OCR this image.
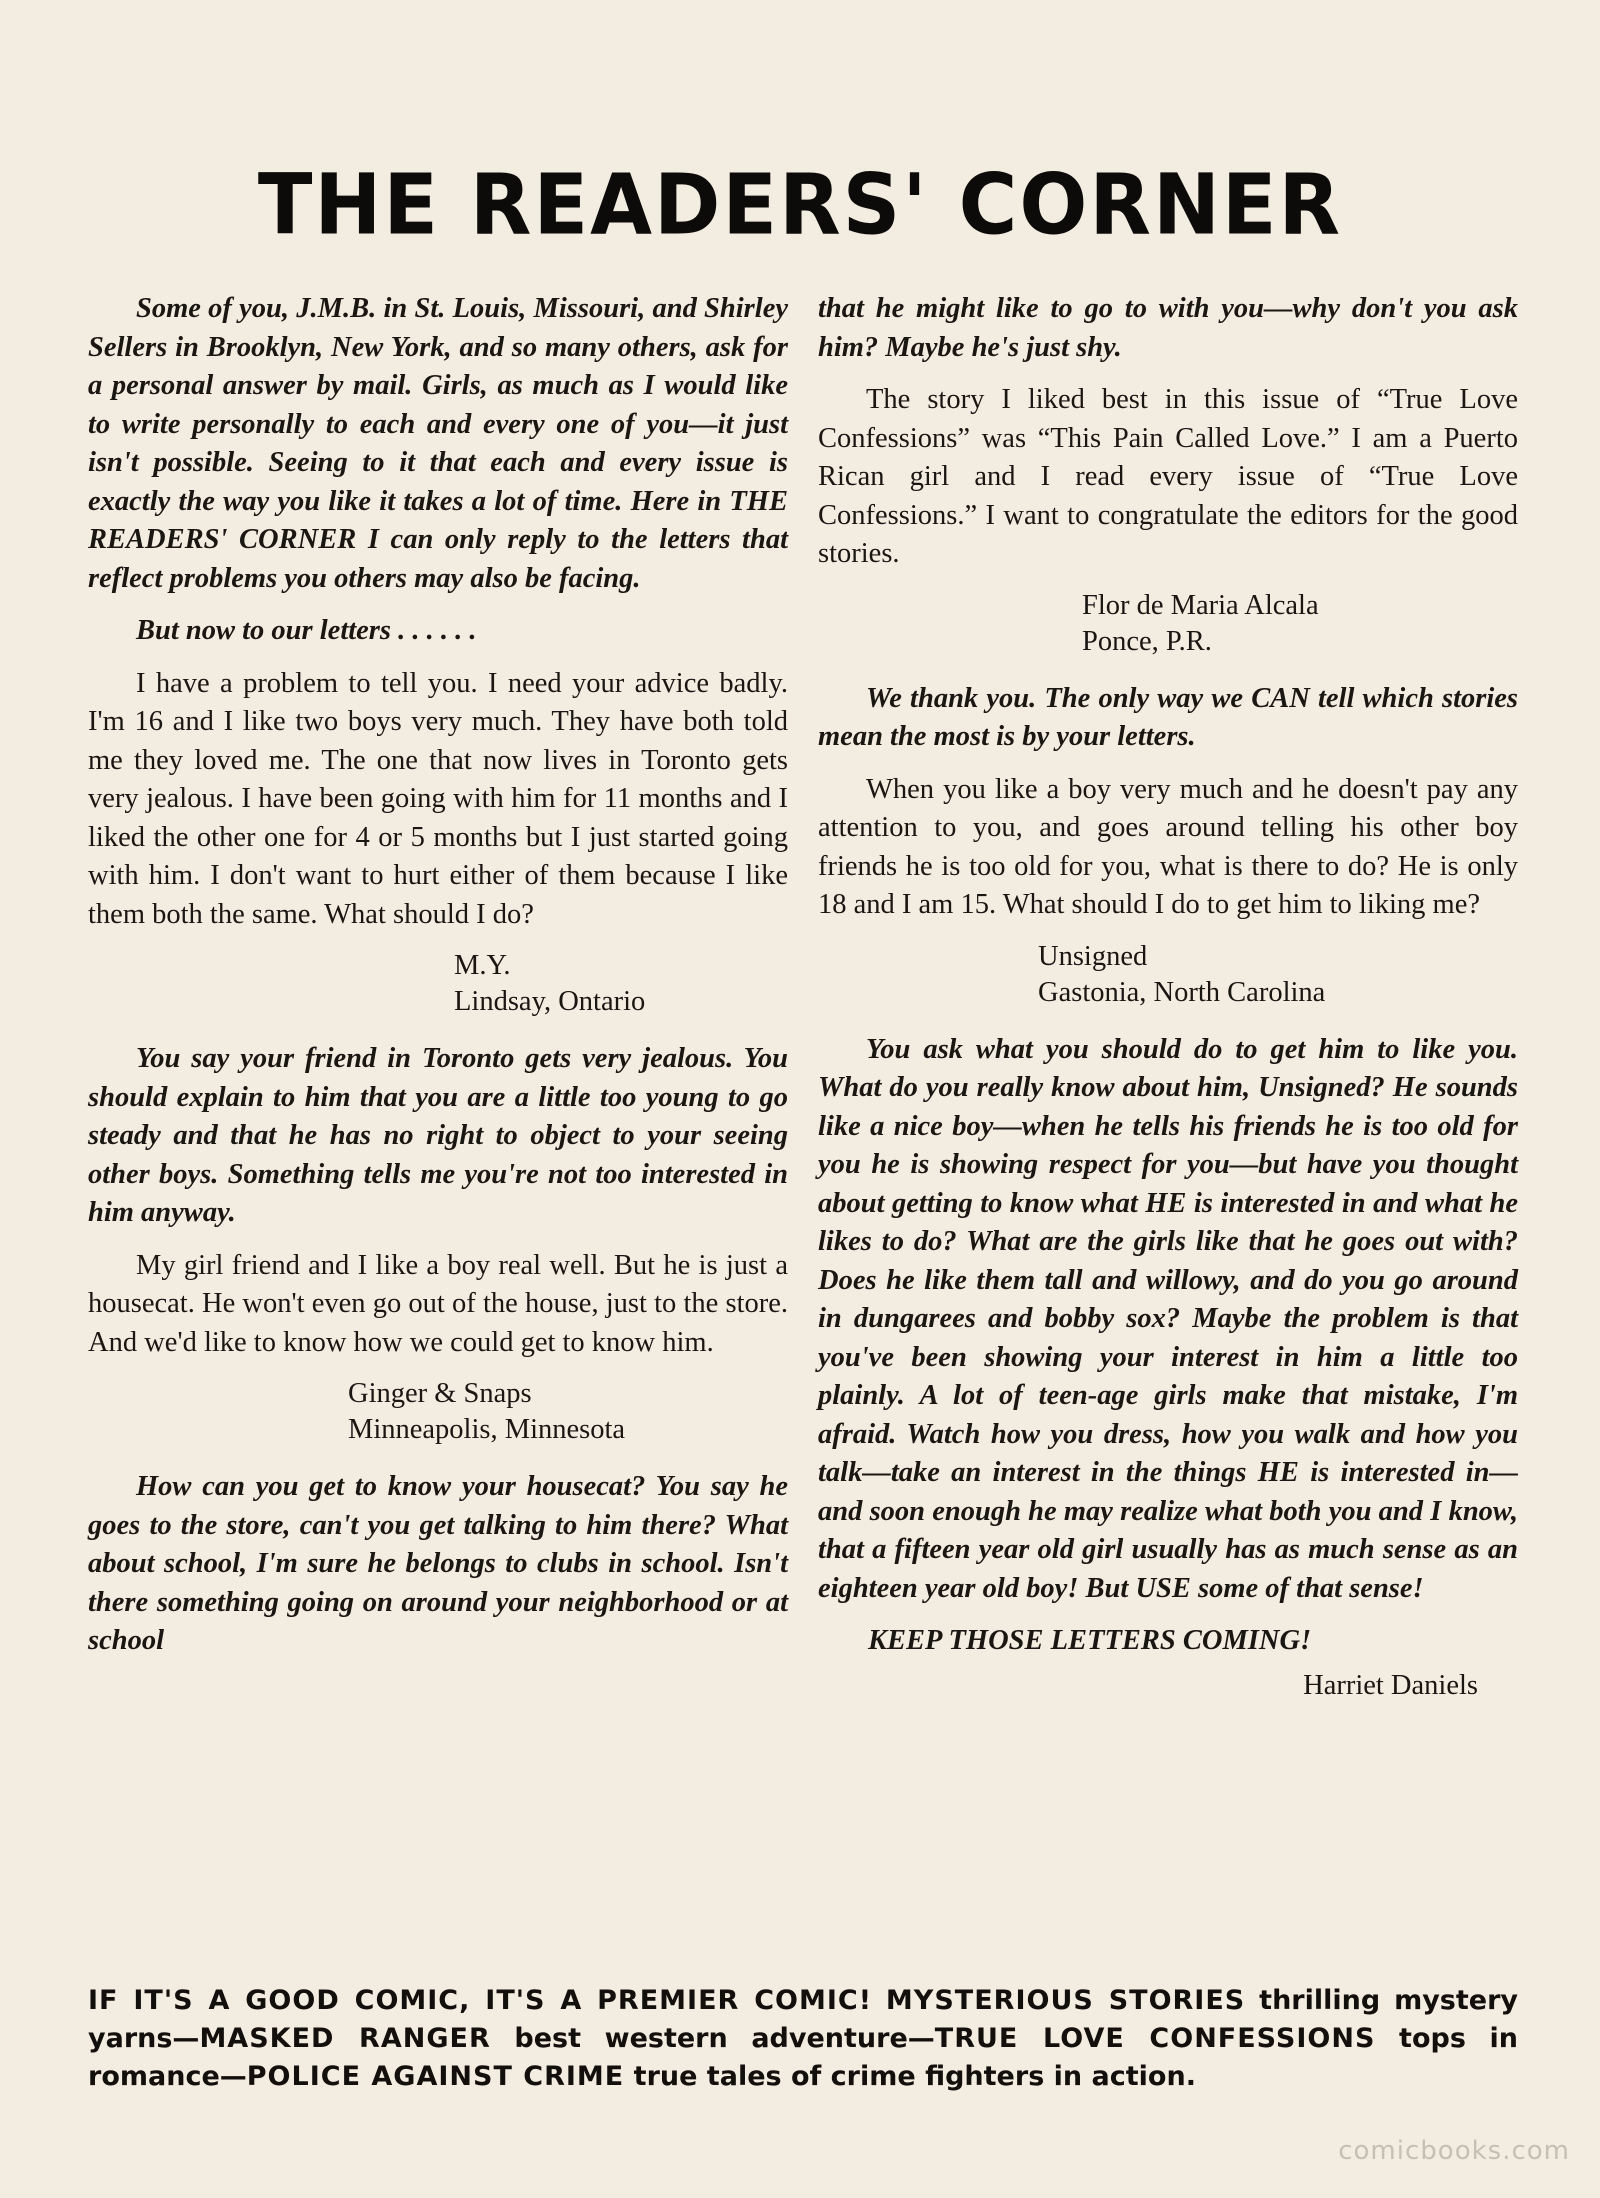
THE READERS' CORNER

Some of you, J.M.B. in St. Louis, Missouri, and Shirley Sellers in Brooklyn, New York, and so many others, ask for a personal answer by mail. Girls, as much as I would like to write personally to each and every one of you—it just isn't possible. Seeing to it that each and every issue is exactly the way you like it takes a lot of time. Here in THE READERS' CORNER I can only reply to the letters that reflect problems you others may also be facing.

But now to our letters . . . . . .

I have a problem to tell you. I need your advice badly. I'm 16 and I like two boys very much. They have both told me they loved me. The one that now lives in Toronto gets very jealous. I have been going with him for 11 months and I liked the other one for 4 or 5 months but I just started going with him. I don't want to hurt either of them because I like them both the same. What should I do?

M.Y.
Lindsay, Ontario

You say your friend in Toronto gets very jealous. You should explain to him that you are a little too young to go steady and that he has no right to object to your seeing other boys. Something tells me you're not too interested in him anyway.

My girl friend and I like a boy real well. But he is just a housecat. He won't even go out of the house, just to the store. And we'd like to know how we could get to know him.

Ginger & Snaps
Minneapolis, Minnesota

How can you get to know your housecat? You say he goes to the store, can't you get talking to him there? What about school, I'm sure he belongs to clubs in school. Isn't there something going on around your neighborhood or at school

that he might like to go to with you—why don't you ask him? Maybe he's just shy.

The story I liked best in this issue of “True Love Confessions” was “This Pain Called Love.” I am a Puerto Rican girl and I read every issue of “True Love Confessions.” I want to congratulate the editors for the good stories.

Flor de Maria Alcala
Ponce, P.R.

We thank you. The only way we CAN tell which stories mean the most is by your letters.

When you like a boy very much and he doesn't pay any attention to you, and goes around telling his other boy friends he is too old for you, what is there to do? He is only 18 and I am 15. What should I do to get him to liking me?

Unsigned
Gastonia, North Carolina

You ask what you should do to get him to like you. What do you really know about him, Unsigned? He sounds like a nice boy—when he tells his friends he is too old for you he is showing respect for you—but have you thought about getting to know what HE is interested in and what he likes to do? What are the girls like that he goes out with? Does he like them tall and willowy, and do you go around in dungarees and bobby sox? Maybe the problem is that you've been showing your interest in him a little too plainly. A lot of teen-age girls make that mistake, I'm afraid. Watch how you dress, how you walk and how you talk—take an interest in the things HE is interested in—and soon enough he may realize what both you and I know, that a fifteen year old girl usually has as much sense as an eighteen year old boy! But USE some of that sense!

KEEP THOSE LETTERS COMING!
Harriet Daniels
IF IT'S A GOOD COMIC, IT'S A PREMIER COMIC! MYSTERIOUS STORIES thrilling mystery yarns—MASKED RANGER best western adventure—TRUE LOVE CONFESSIONS tops in romance—POLICE AGAINST CRIME true tales of crime fighters in action.
comicbooks.com
